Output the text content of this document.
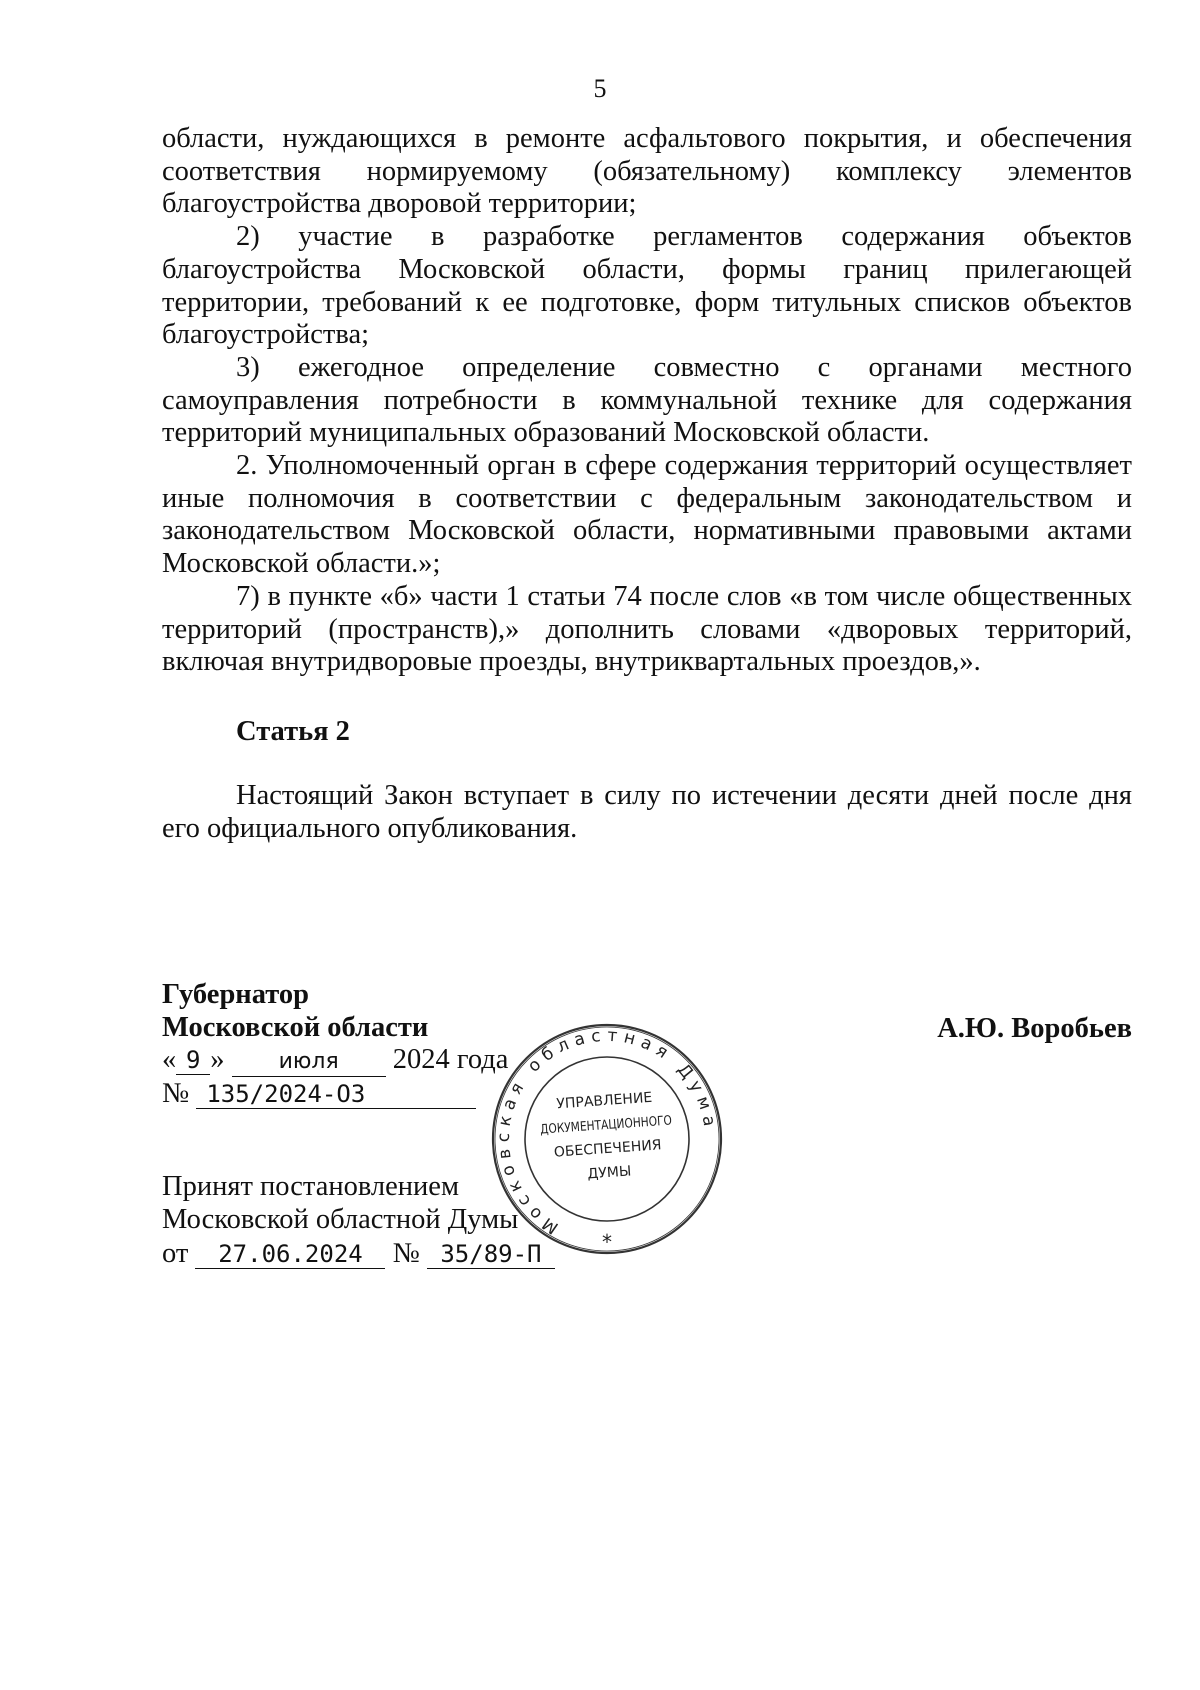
5

области, нуждающихся в ремонте асфальтового покрытия, и обеспечения соответствия нормируемому (обязательному) комплексу элементов благоустройства дворовой территории;

2) участие в разработке регламентов содержания объектов благоустройства Московской области, формы границ прилегающей территории, требований к ее подготовке, форм титульных списков объектов благоустройства;

3) ежегодное определение совместно с органами местного самоуправления потребности в коммунальной технике для содержания территорий муниципальных образований Московской области.

2. Уполномоченный орган в сфере содержания территорий осуществляет иные полномочия в соответствии с федеральным законодательством и законодательством Московской области, нормативными правовыми актами Московской области.»;

7) в пункте «б» части 1 статьи 74 после слов «в том числе общественных территорий (пространств),» дополнить словами «дворовых территорий, включая внутридворовые проезды, внутриквартальных проездов,».

Статья 2
Настоящий Закон вступает в силу по истечении десяти дней после дня его официального опубликования.
Губернатор
Московской области	А.Ю. Воробьев
« 9 » июля 2024 года
№ 135/2024-ОЗ
Принят постановлением
Московской областной Думы
от 27.06.2024 № 35/89-П
Московская областная Дума
УПРАВЛЕНИЕ
ДОКУМЕНТАЦИОННОГО
ОБЕСПЕЧЕНИЯ
ДУМЫ
*
